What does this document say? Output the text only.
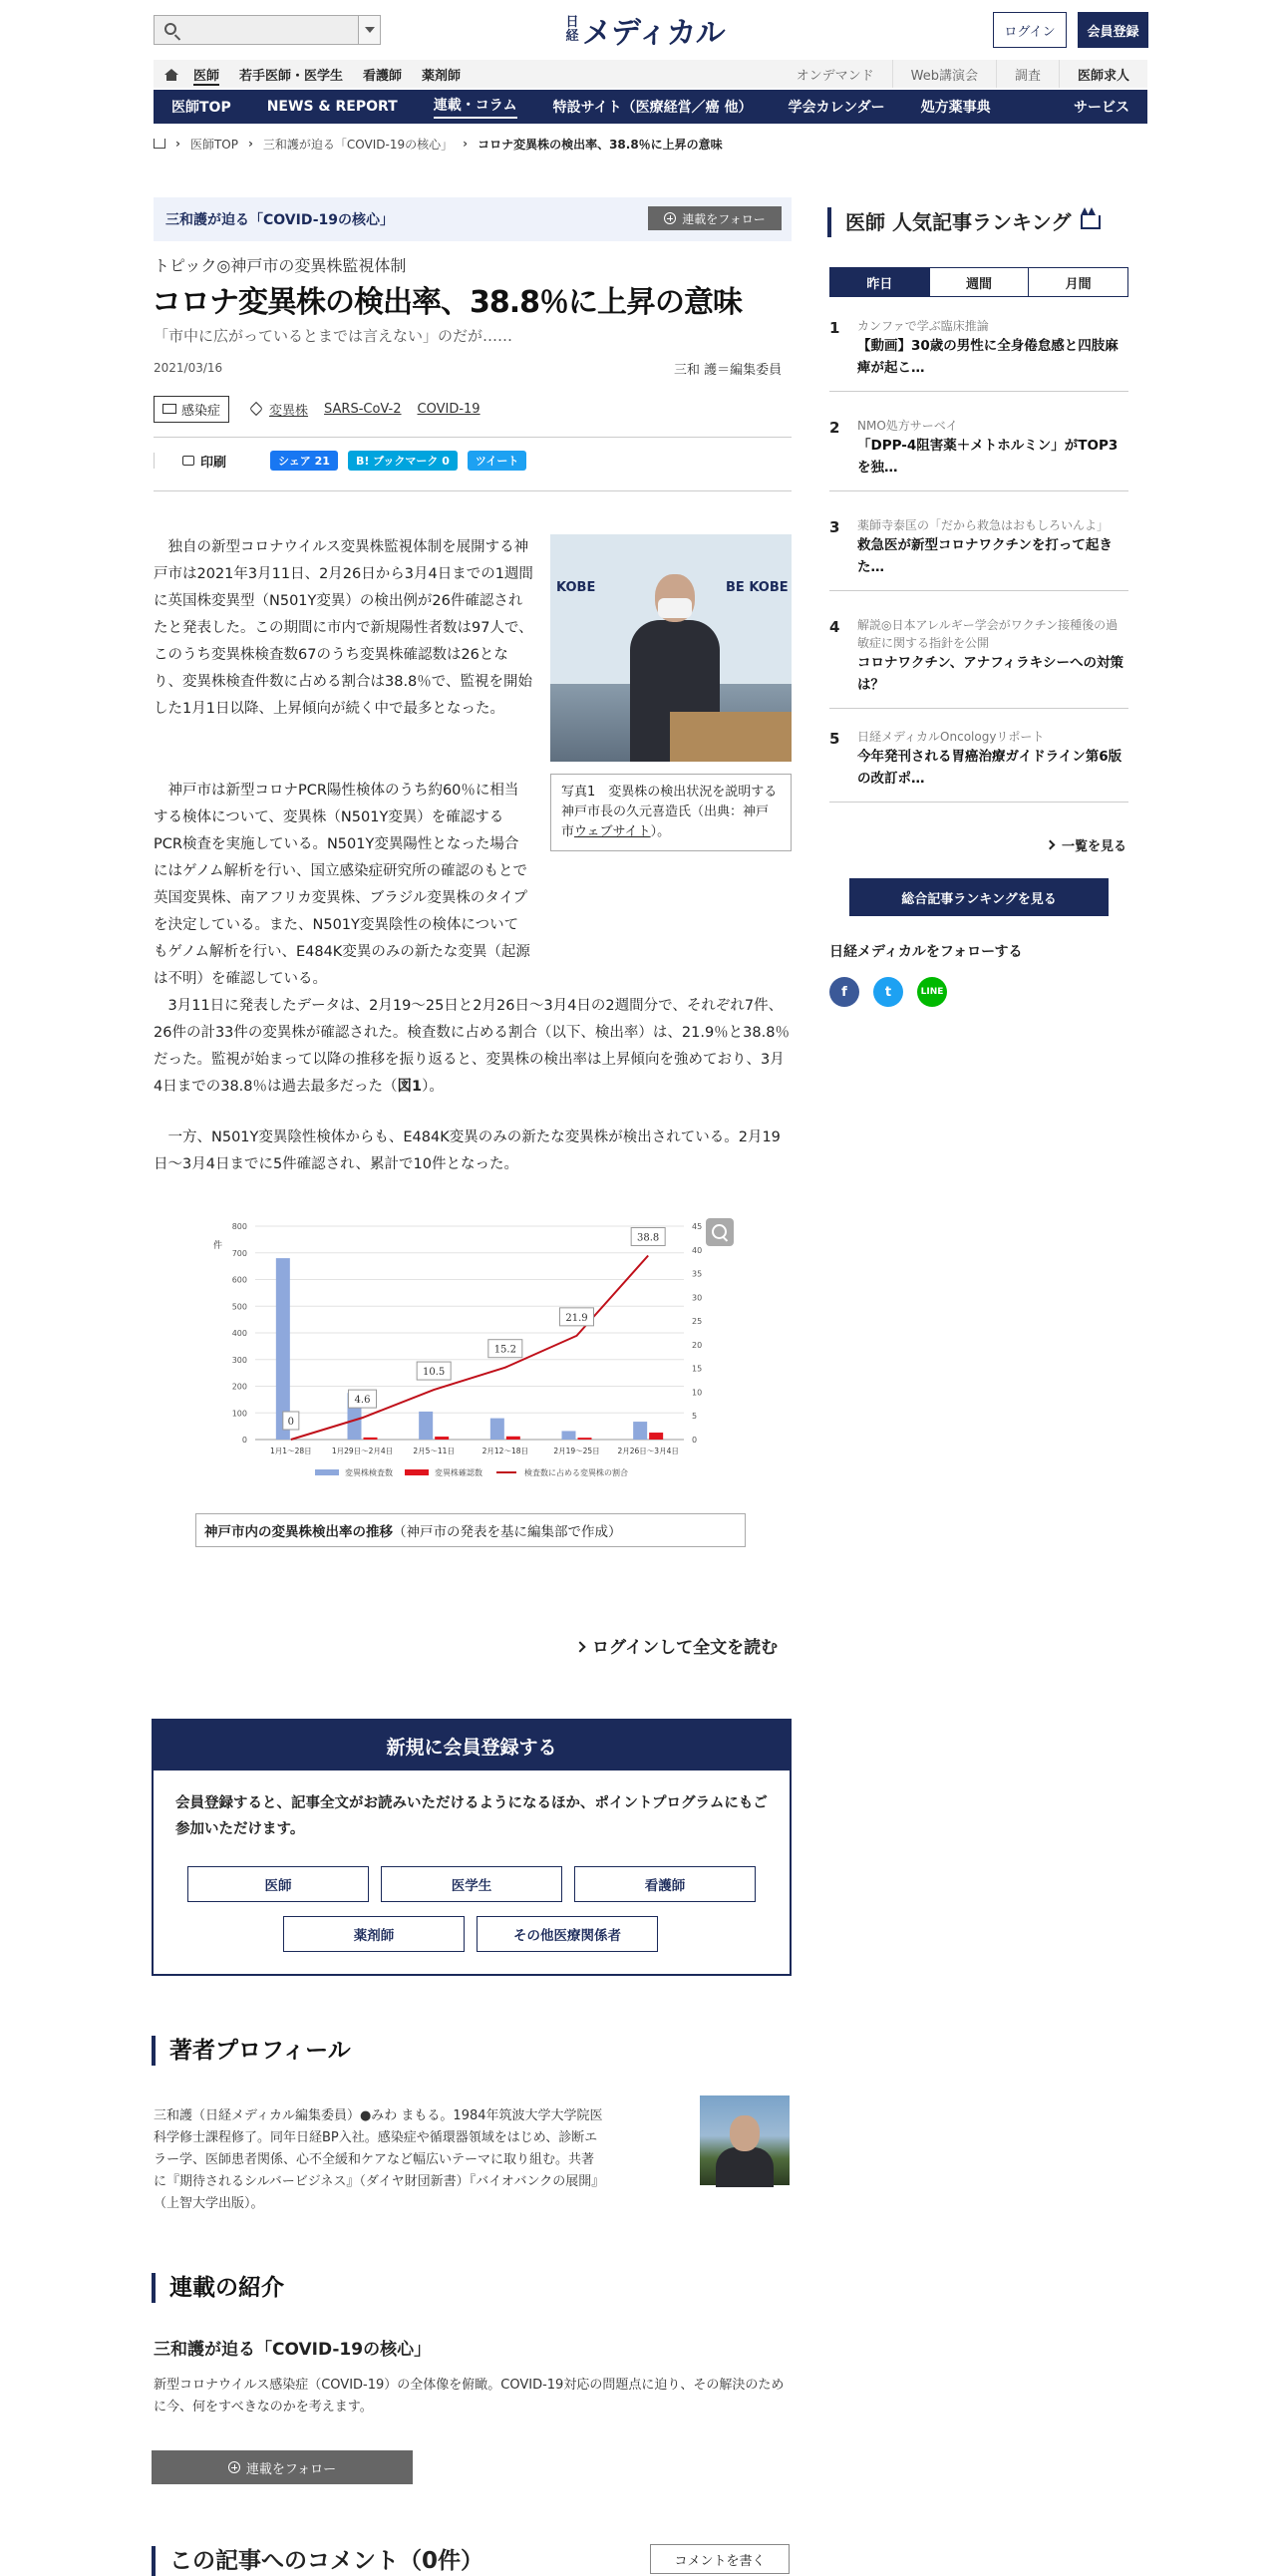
日経 メディカル	ログイン	会員登録
医師	若手医師・医学生	看護師	薬剤師	オンデマンド	Web講演会	調査	医師求人
医師TOP	NEWS & REPORT	連載・コラム	特設サイト（医療経営／癌 他）	学会カレンダー	処方薬事典	サービス
› 医師TOP › 三和護が迫る「COVID-19の核心」 › コロナ変異株の検出率、38.8％に上昇の意味
三和護が迫る「COVID-19の核心」	連載をフォロー
トピック◎神戸市の変異株監視体制
コロナ変異株の検出率、38.8％に上昇の意味
「市中に広がっているとまでは言えない」のだが……
2021/03/16	三和 護＝編集委員
感染症	変異株 SARS-CoV-2 COVID-19
印刷	シェア 21	B! ブックマーク 0	ツイート
KOBE	BE KOBE
写真1　変異株の検出状況を説明する神戸市長の久元喜造氏（出典：神戸市ウェブサイト）。

独自の新型コロナウイルス変異株監視体制を展開する神戸市は2021年3月11日、2月26日から3月4日までの1週間に英国株変異型（N501Y変異）の検出例が26件確認されたと発表した。この期間に市内で新規陽性者数は97人で、このうち変異株検査数67のうち変異株確認数は26となり、変異株検査件数に占める割合は38.8％で、監視を開始した1月1日以降、上昇傾向が続く中で最多となった。

神戸市は新型コロナPCR陽性検体のうち約60％に相当する検体について、変異株（N501Y変異）を確認するPCR検査を実施している。N501Y変異陽性となった場合にはゲノム解析を行い、国立感染症研究所の確認のもとで英国変異株、南アフリカ変異株、ブラジル変異株のタイプを決定している。また、N501Y変異陰性の検体についてもゲノム解析を行い、E484K変異のみの新たな変異（起源は不明）を確認している。

3月11日に発表したデータは、2月19～25日と2月26日～3月4日の2週間分で、それぞれ7件、26件の計33件の変異株が確認された。検査数に占める割合（以下、検出率）は、21.9％と38.8％だった。監視が始まって以降の推移を振り返ると、変異株の検出率は上昇傾向を強めており、3月4日までの38.8％は過去最多だった（図1）。

一方、N501Y変異陰性検体からも、E484K変異のみの新たな変異株が検出されている。2月19日～3月4日までに5件確認され、累計で10件となった。

0
100
200
300
400
500
600
700
800
0
5
10
15
20
25
30
35
40
45
件
1月1～28日	1月29日～2月4日	2月5～11日	2月12～18日	2月19～25日 2月26日～3月4日
0
4.6
10.5
15.2
21.9
38.8
変異株検査数	変異株確認数	検査数に占める変異株の割合
神戸市内の変異株検出率の推移 （神戸市の発表を基に編集部で作成）
ログインして全文を読む
新規に会員登録する
会員登録すると、記事全文がお読みいただけるようになるほか、ポイントプログラムにもご参加いただけます。
医師	医学生	看護師
薬剤師	その他医療関係者
著者プロフィール
三和護（日経メディカル編集委員）●みわ まもる。1984年筑波大学大学院医科学修士課程修了。同年日経BP入社。感染症や循環器領域をはじめ、診断エラー学、医師患者関係、心不全緩和ケアなど幅広いテーマに取り組む。共著に『期待されるシルバービジネス』（ダイヤ財団新書）『バイオバンクの展開』（上智大学出版）。
連載の紹介
三和護が迫る「COVID-19の核心」
新型コロナウイルス感染症（COVID-19）の全体像を俯瞰。COVID-19対応の問題点に迫り、その解決のために今、何をすべきなのかを考えます。
連載をフォロー
この記事へのコメント（0件）	コメントを書く
医師 人気記事ランキング
昨日	週間	月間
1 カンファで学ぶ臨床推論
【動画】30歳の男性に全身倦怠感と四肢麻痺が起こ…
2 NMO処方サーベイ
「DPP-4阻害薬＋メトホルミン」がTOP3を独…
3 薬師寺泰匡の「だから救急はおもしろいんよ」
救急医が新型コロナワクチンを打って起きた…
4 解説◎日本アレルギー学会がワクチン接種後の過敏症に関する指針を公開
コロナワクチン、アナフィラキシーへの対策は？
5 日経メディカルOncologyリポート
今年発刊される胃癌治療ガイドライン第6版の改訂ポ…
一覧を見る
総合記事ランキングを見る
日経メディカルをフォローする
f	t	LINE
